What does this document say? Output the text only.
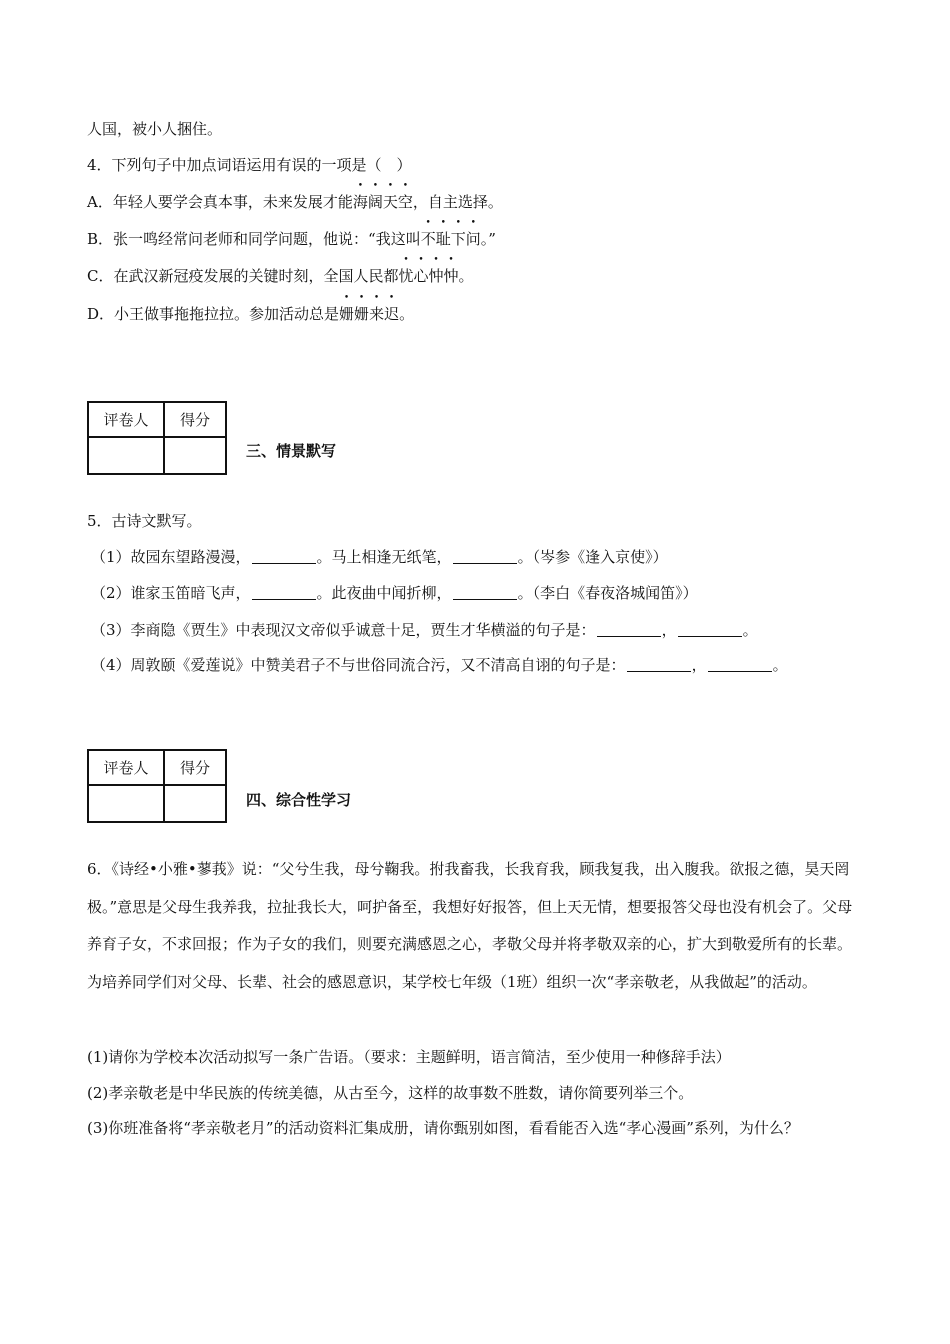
人国，被小人捆住。
4．下列句子中加点词语运用有误的一项是（　）
A．年轻人要学会真本事，未来发展才能海阔天空，自主选择。
B．张一鸣经常问老师和同学问题，他说：“我这叫不耻下问。”
C．在武汉新冠疫发展的关键时刻，全国人民都忧心忡忡。
D．小王做事拖拖拉拉。参加活动总是姗姗来迟。
评卷人	得分

三、情景默写
5．古诗文默写。
（1）故园东望路漫漫，	。马上相逢无纸笔，	。（岑参《逢入京使》）
（2）谁家玉笛暗飞声，	。此夜曲中闻折柳，	。（李白《春夜洛城闻笛》）
（3）李商隐《贾生》中表现汉文帝似乎诚意十足，贾生才华横溢的句子是：	，	。
（4）周敦颐《爱莲说》中赞美君子不与世俗同流合污，又不清高自诩的句子是：	，	。
评卷人	得分

四、综合性学习
6．《诗经•小雅•蓼莪》说：“父兮生我，母兮鞠我。拊我畜我，长我育我，顾我复我，出入腹我。欲报之德，昊天罔极。”意思是父母生我养我，拉扯我长大，呵护备至，我想好好报答，但上天无情，想要报答父母也没有机会了。父母养育子女，不求回报；作为子女的我们，则要充满感恩之心，孝敬父母并将孝敬双亲的心，扩大到敬爱所有的长辈。为培养同学们对父母、长辈、社会的感恩意识，某学校七年级（1班）组织一次“孝亲敬老，从我做起”的活动。
(1)请你为学校本次活动拟写一条广告语。（要求：主题鲜明，语言简洁，至少使用一种修辞手法）
(2)孝亲敬老是中华民族的传统美德，从古至今，这样的故事数不胜数，请你简要列举三个。
(3)你班准备将“孝亲敬老月”的活动资料汇集成册，请你甄别如图，看看能否入选“孝心漫画”系列，为什么？
